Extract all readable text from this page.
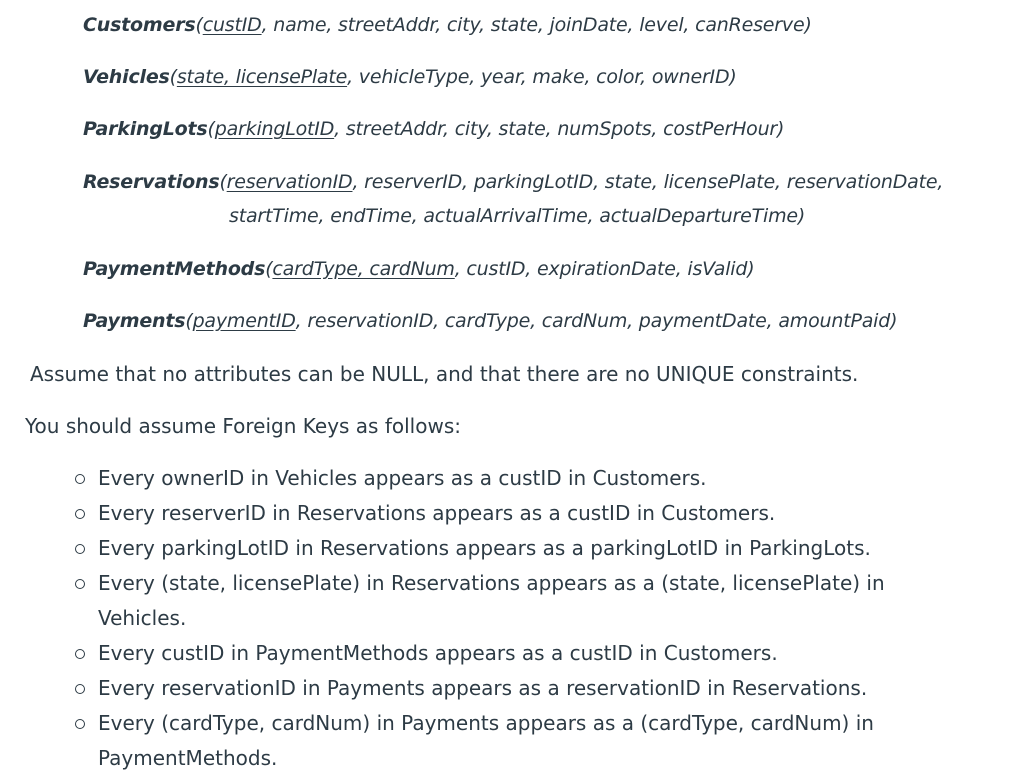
Customers(custID, name, streetAddr, city, state, joinDate, level, canReserve)
Vehicles(state, licensePlate, vehicleType, year, make, color, ownerID)
ParkingLots(parkingLotID, streetAddr, city, state, numSpots, costPerHour)
Reservations(reservationID, reserverID, parkingLotID, state, licensePlate, reservationDate,
startTime, endTime, actualArrivalTime, actualDepartureTime)
PaymentMethods(cardType, cardNum, custID, expirationDate, isValid)
Payments(paymentID, reservationID, cardType, cardNum, paymentDate, amountPaid)
Assume that no attributes can be NULL, and that there are no UNIQUE constraints.
You should assume Foreign Keys as follows:
Every ownerID in Vehicles appears as a custID in Customers.
Every reserverID in Reservations appears as a custID in Customers.
Every parkingLotID in Reservations appears as a parkingLotID in ParkingLots.
Every (state, licensePlate) in Reservations appears as a (state, licensePlate) in Vehicles.
Every custID in PaymentMethods appears as a custID in Customers.
Every reservationID in Payments appears as a reservationID in Reservations.
Every (cardType, cardNum) in Payments appears as a (cardType, cardNum) in PaymentMethods.
